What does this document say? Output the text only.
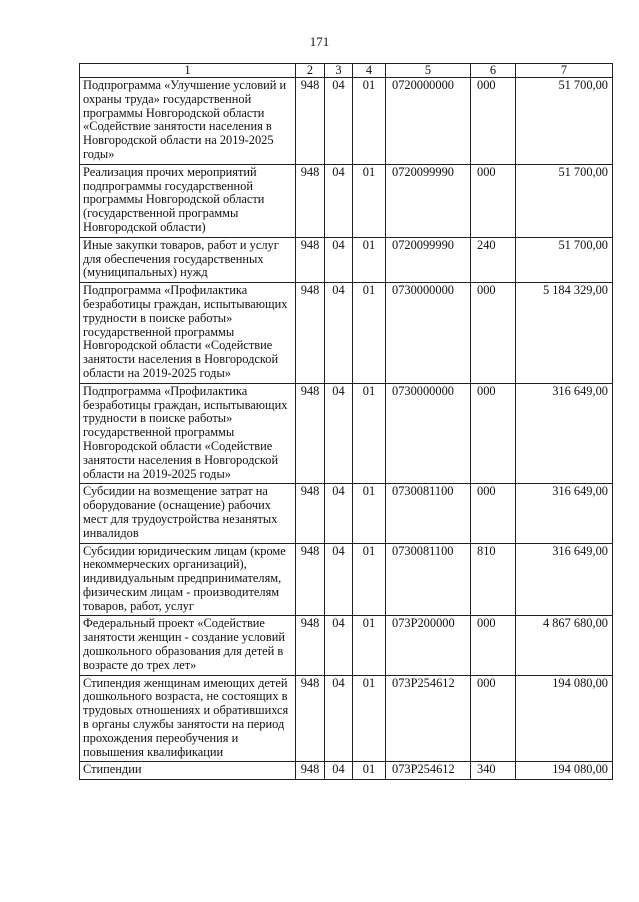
171
1	2	3	4	5	6	7
Подпрограмма «Улучшение условий и охраны труда» государственной программы Новгородской области «Содействие занятости населения в Новгородской области на 2019-2025 годы»	948	04	01	0720000000	000	51 700,00
Реализация прочих мероприятий подпрограммы государственной программы Новгородской области (государственной программы Новгородской области)	948	04	01	0720099990	000	51 700,00
Иные закупки товаров, работ и услуг для обеспечения государственных (муниципальных) нужд	948	04	01	0720099990	240	51 700,00
Подпрограмма «Профилактика безработицы граждан, испытывающих трудности в поиске работы» государственной программы Новгородской области «Содействие занятости населения в Новгородской области на 2019-2025 годы»	948	04	01	0730000000	000	5 184 329,00
Подпрограмма «Профилактика безработицы граждан, испытывающих трудности в поиске работы» государственной программы Новгородской области «Содействие занятости населения в Новгородской области на 2019-2025 годы»	948	04	01	0730000000	000	316 649,00
Субсидии на возмещение затрат на оборудование (оснащение) рабочих мест для трудоустройства незанятых инвалидов	948	04	01	0730081100	000	316 649,00
Субсидии юридическим лицам (кроме некоммерческих организаций), индивидуальным предпринимателям, физическим лицам - производителям товаров, работ, услуг	948	04	01	0730081100	810	316 649,00
Федеральный проект «Содействие занятости женщин - создание условий дошкольного образования для детей в возрасте до трех лет»	948	04	01	073P200000	000	4 867 680,00
Стипендия женщинам имеющих детей дошкольного возраста, не состоящих в трудовых отношениях и обратившихся в органы службы занятости на период прохождения переобучения и повышения квалификации	948	04	01	073P254612	000	194 080,00
Стипендии	948	04	01	073P254612	340	194 080,00
